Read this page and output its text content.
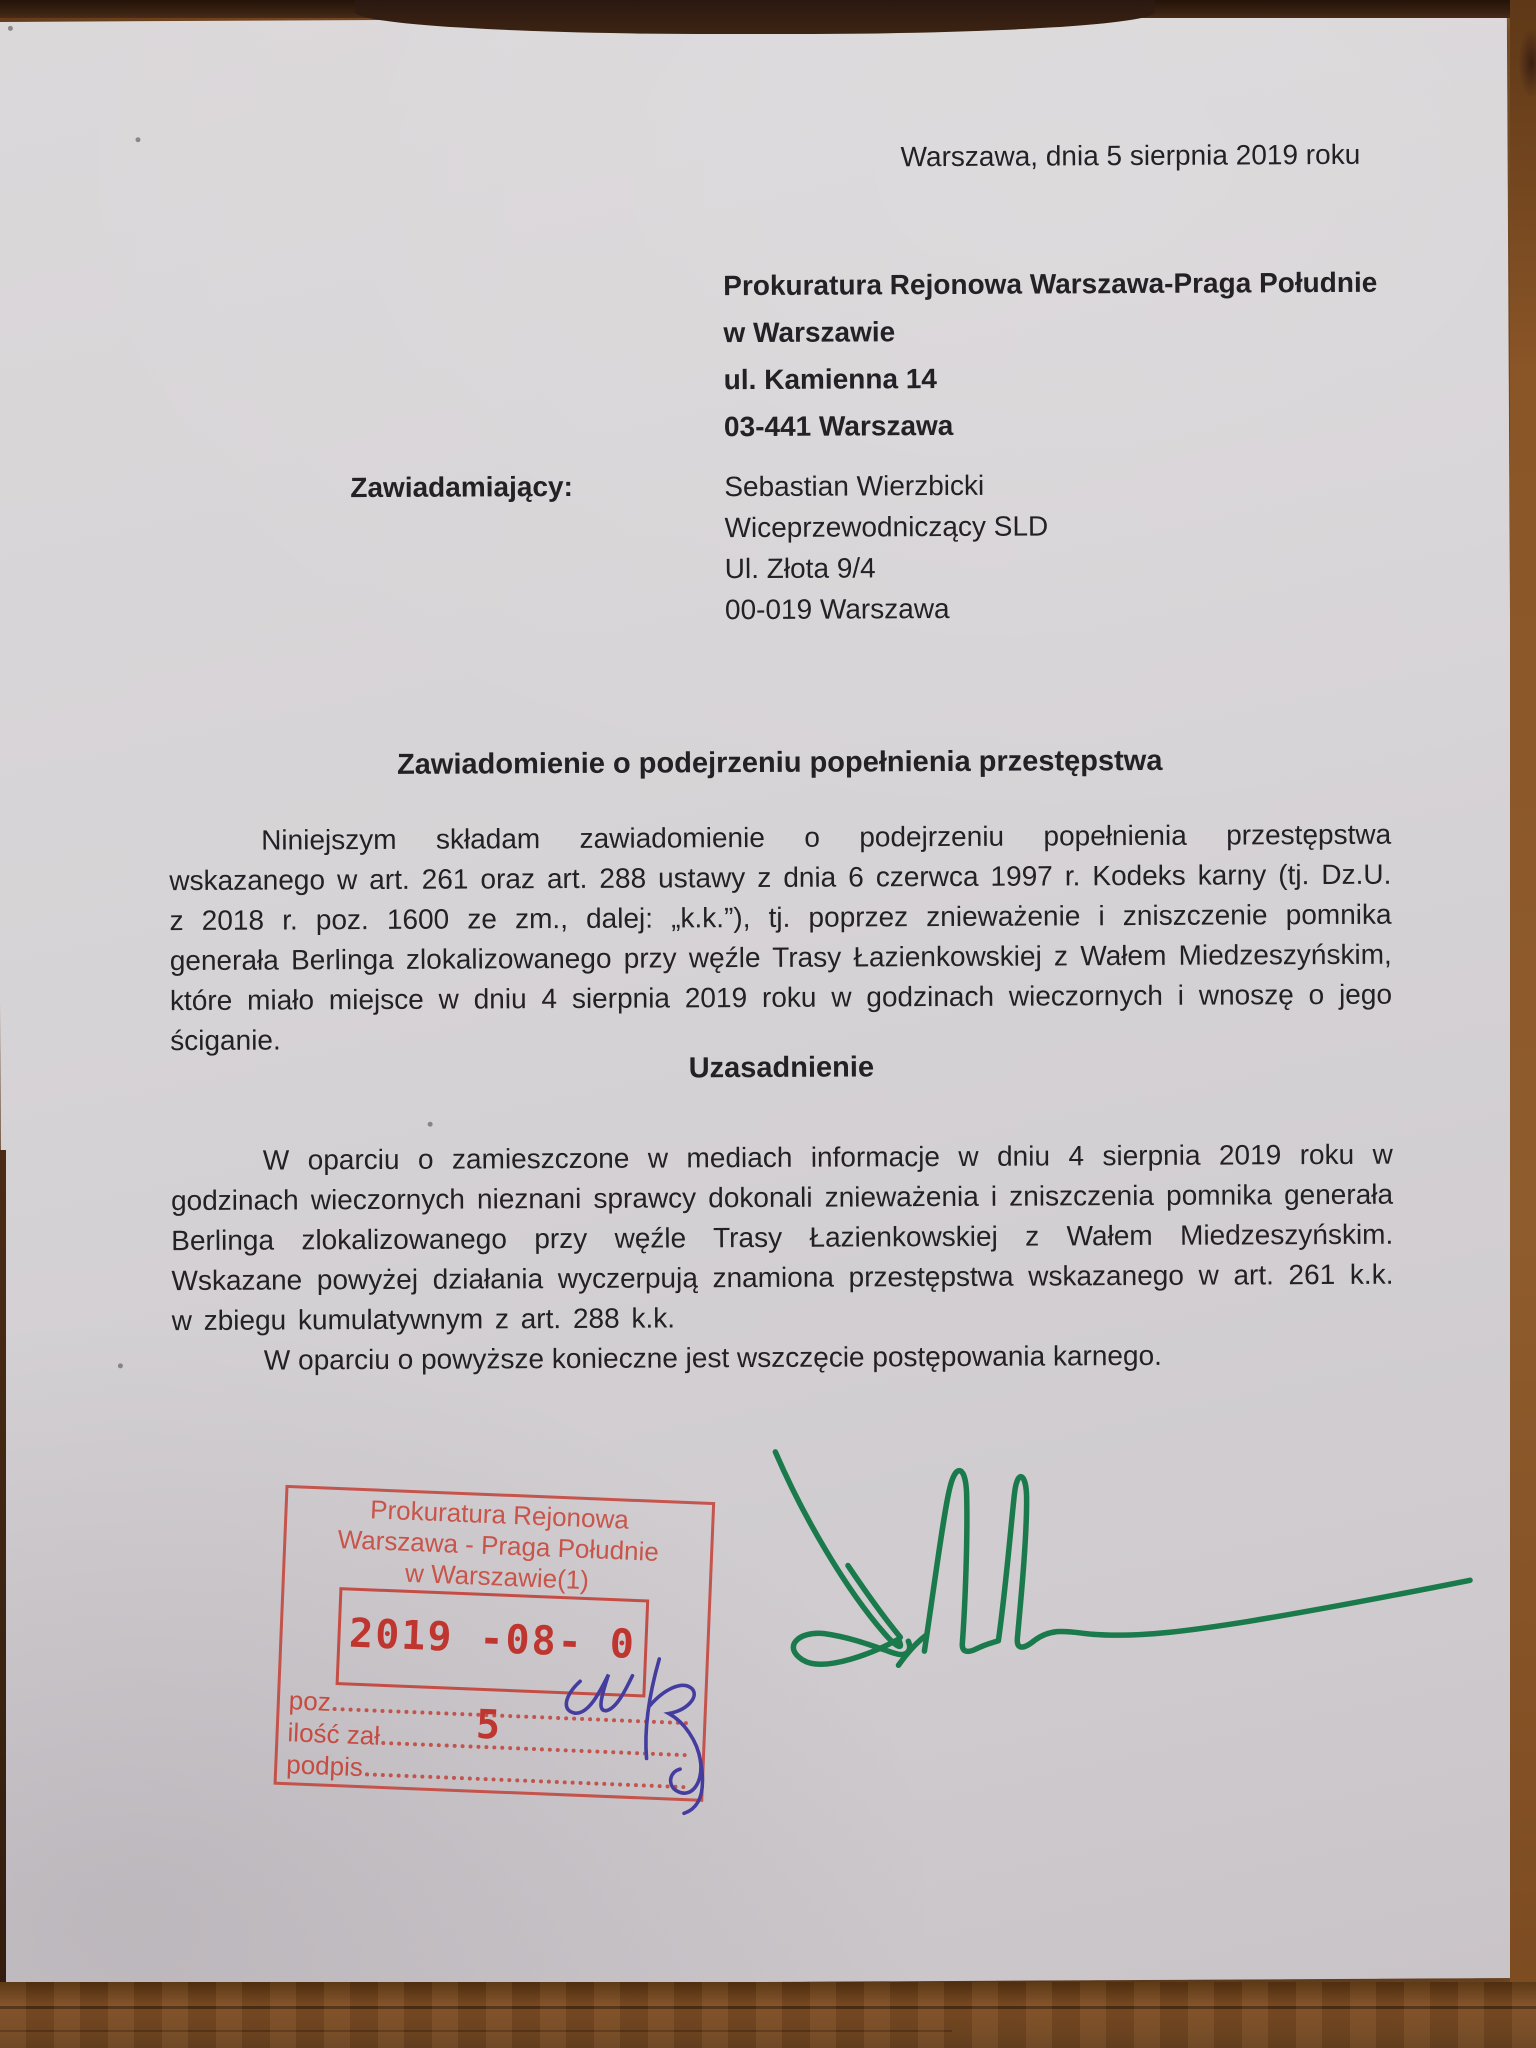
Warszawa, dnia 5 sierpnia 2019 roku
Prokuratura Rejonowa Warszawa-Praga Południe
w Warszawie
ul. Kamienna 14
03-441 Warszawa
Zawiadamiający:	Sebastian Wierzbicki
Wiceprzewodniczący SLD
Ul. Złota 9/4
00-019 Warszawa
Zawiadomienie o podejrzeniu popełnienia przestępstwa

Niniejszym składam zawiadomienie o podejrzeniu popełnienia przestępstwa wskazanego w art. 261 oraz art. 288 ustawy z dnia 6 czerwca 1997 r. Kodeks karny (tj. Dz.U. z 2018 r. poz. 1600 ze zm., dalej: „k.k.”), tj. poprzez znieważenie i zniszczenie pomnika generała Berlinga zlokalizowanego przy węźle Trasy Łazienkowskiej z Wałem Miedzeszyńskim, które miało miejsce w dniu 4 sierpnia 2019 roku w godzinach wieczornych i wnoszę o jego ściganie.

Uzasadnienie

W oparciu o zamieszczone w mediach informacje w dniu 4 sierpnia 2019 roku w godzinach wieczornych nieznani sprawcy dokonali znieważenia i zniszczenia pomnika generała Berlinga zlokalizowanego przy węźle Trasy Łazienkowskiej z Wałem Miedzeszyńskim. Wskazane powyżej działania wyczerpują znamiona przestępstwa wskazanego w art. 261 k.k. w zbiegu kumulatywnym z art. 288 k.k.

W oparciu o powyższe konieczne jest wszczęcie postępowania karnego.

Prokuratura Rejonowa
Warszawa - Praga Południe
w Warszawie(1)
2019 -08- 0 5
poz
ilość zał
podpis
